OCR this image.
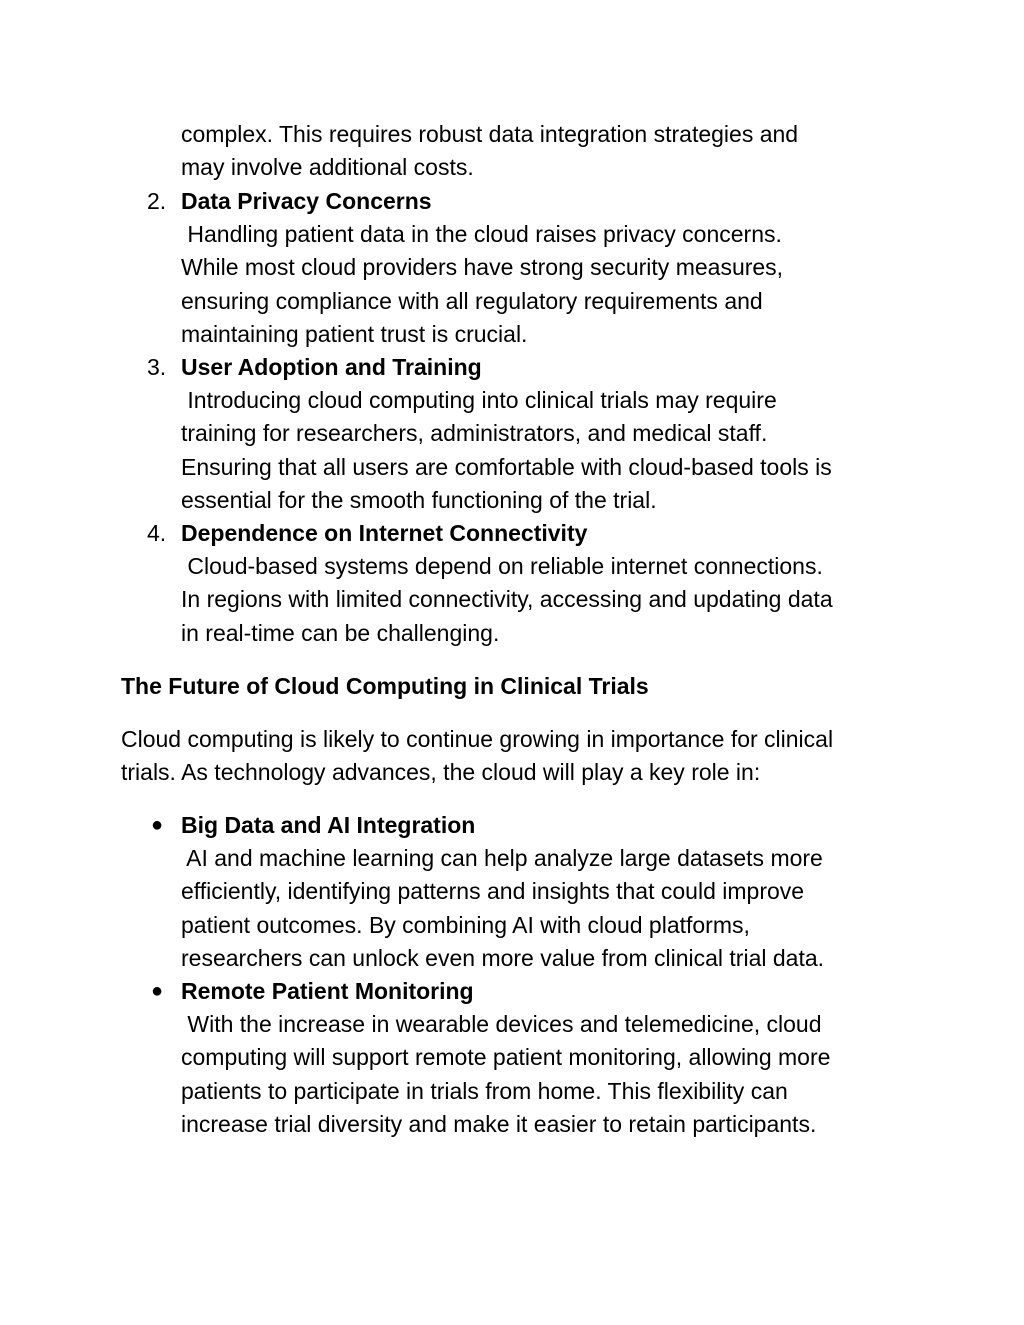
complex. This requires robust data integration strategies and
may involve additional costs.
2. Data Privacy Concerns
Handling patient data in the cloud raises privacy concerns.
While most cloud providers have strong security measures,
ensuring compliance with all regulatory requirements and
maintaining patient trust is crucial.
3. User Adoption and Training
Introducing cloud computing into clinical trials may require
training for researchers, administrators, and medical staff.
Ensuring that all users are comfortable with cloud-based tools is
essential for the smooth functioning of the trial.
4. Dependence on Internet Connectivity
Cloud-based systems depend on reliable internet connections.
In regions with limited connectivity, accessing and updating data
in real-time can be challenging.
The Future of Cloud Computing in Clinical Trials
Cloud computing is likely to continue growing in importance for clinical
trials. As technology advances, the cloud will play a key role in:
● Big Data and AI Integration
AI and machine learning can help analyze large datasets more
efficiently, identifying patterns and insights that could improve
patient outcomes. By combining AI with cloud platforms,
researchers can unlock even more value from clinical trial data.
● Remote Patient Monitoring
With the increase in wearable devices and telemedicine, cloud
computing will support remote patient monitoring, allowing more
patients to participate in trials from home. This flexibility can
increase trial diversity and make it easier to retain participants.
